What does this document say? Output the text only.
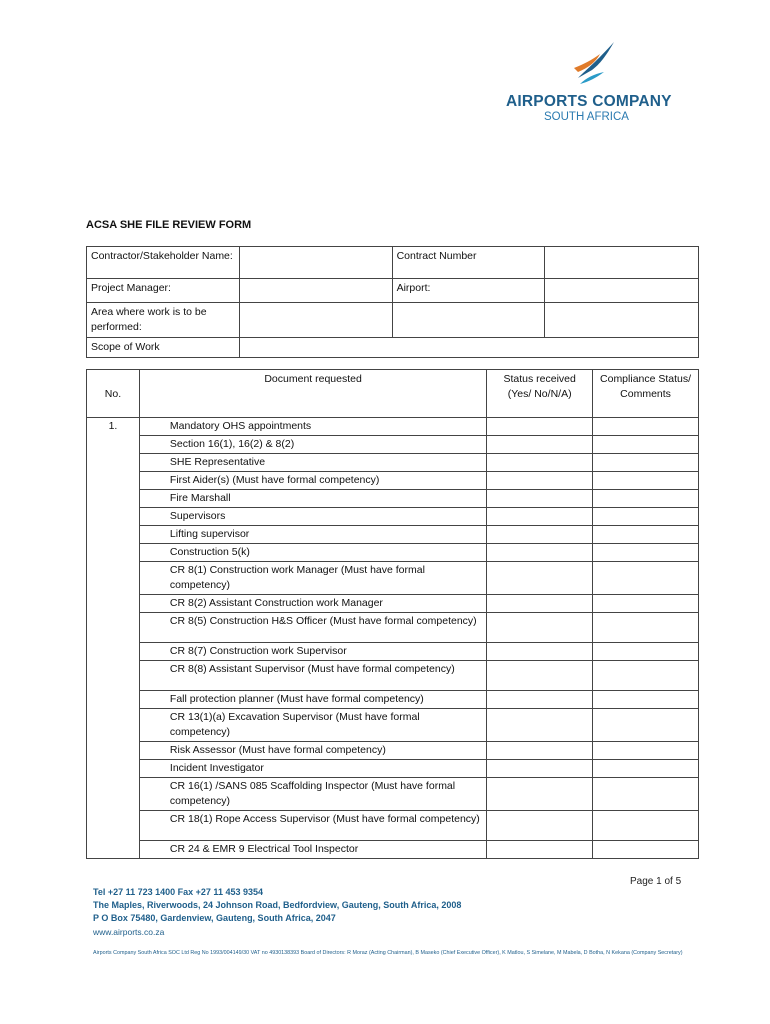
AIRPORTS COMPANY
SOUTH AFRICA
ACSA SHE FILE REVIEW FORM
Contractor/Stakeholder Name:		Contract Number	
Project Manager:		Airport:	
Area where work is to be performed:			
Scope of Work			
No.	Document requested	Status received (Yes/ No/N/A)	Compliance Status/ Comments
1.	Mandatory OHS appointments		
	Section 16(1), 16(2) & 8(2)		
	SHE Representative		
	First Aider(s) (Must have formal competency)		
	Fire Marshall		
	Supervisors		
	Lifting supervisor		
	Construction 5(k)		
	CR 8(1) Construction work Manager (Must have formal competency)		
	CR 8(2) Assistant Construction work Manager		
	CR 8(5) Construction H&S Officer (Must have formal competency)		
	CR 8(7) Construction work Supervisor		
	CR 8(8) Assistant Supervisor (Must have formal competency)		
	Fall protection planner (Must have formal competency)		
	CR 13(1)(a) Excavation Supervisor (Must have formal competency)		
	Risk Assessor (Must have formal competency)		
	Incident Investigator		
	CR 16(1) /SANS 085 Scaffolding Inspector (Must have formal competency)		
	CR 18(1) Rope Access Supervisor (Must have formal competency)		
	CR 24 & EMR 9 Electrical Tool Inspector		
Page 1 of 5
Tel +27 11 723 1400 Fax +27 11 453 9354
The Maples, Riverwoods, 24 Johnson Road, Bedfordview, Gauteng, South Africa, 2008
P O Box 75480, Gardenview, Gauteng, South Africa, 2047
www.airports.co.za
Airports Company South Africa SOC Ltd Reg No 1993/004149/30 VAT no 4930138393 Board of Directors: R Moraz (Acting Chairman), B Maseko (Chief Executive Officer), K Matlou, S Simelane, M Mabela, D Botha, N Kekana (Company Secretary)
